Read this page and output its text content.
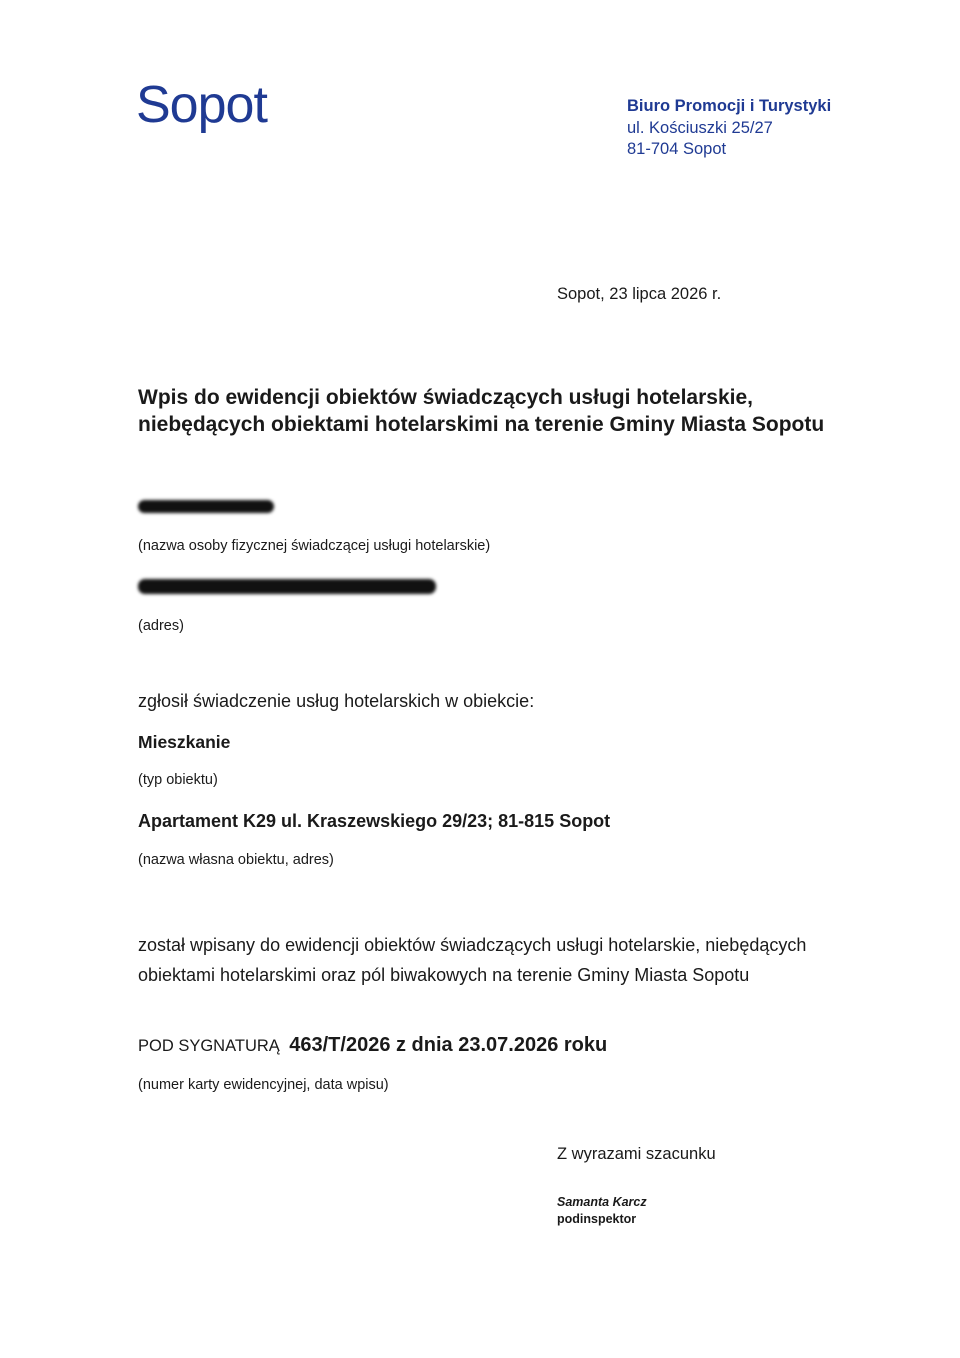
Sopot	Biuro Promocji i Turystyki
ul. Kościuszki 25/27
81-704 Sopot
Sopot, 23 lipca 2026 r.
Wpis do ewidencji obiektów świadczących usługi hotelarskie, niebędących obiektami hotelarskimi na terenie Gminy Miasta Sopotu
(nazwa osoby fizycznej świadczącej usługi hotelarskie)
(adres)
zgłosił świadczenie usług hotelarskich w obiekcie:
Mieszkanie
(typ obiektu)
Apartament K29 ul. Kraszewskiego 29/23; 81-815 Sopot
(nazwa własna obiektu, adres)
został wpisany do ewidencji obiektów świadczących usługi hotelarskie, niebędących obiektami hotelarskimi oraz pól biwakowych na terenie Gminy Miasta Sopotu
POD SYGNATURĄ 463/T/2026 z dnia 23.07.2026 roku
(numer karty ewidencyjnej, data wpisu)
Z wyrazami szacunku
Samanta Karcz
podinspektor
